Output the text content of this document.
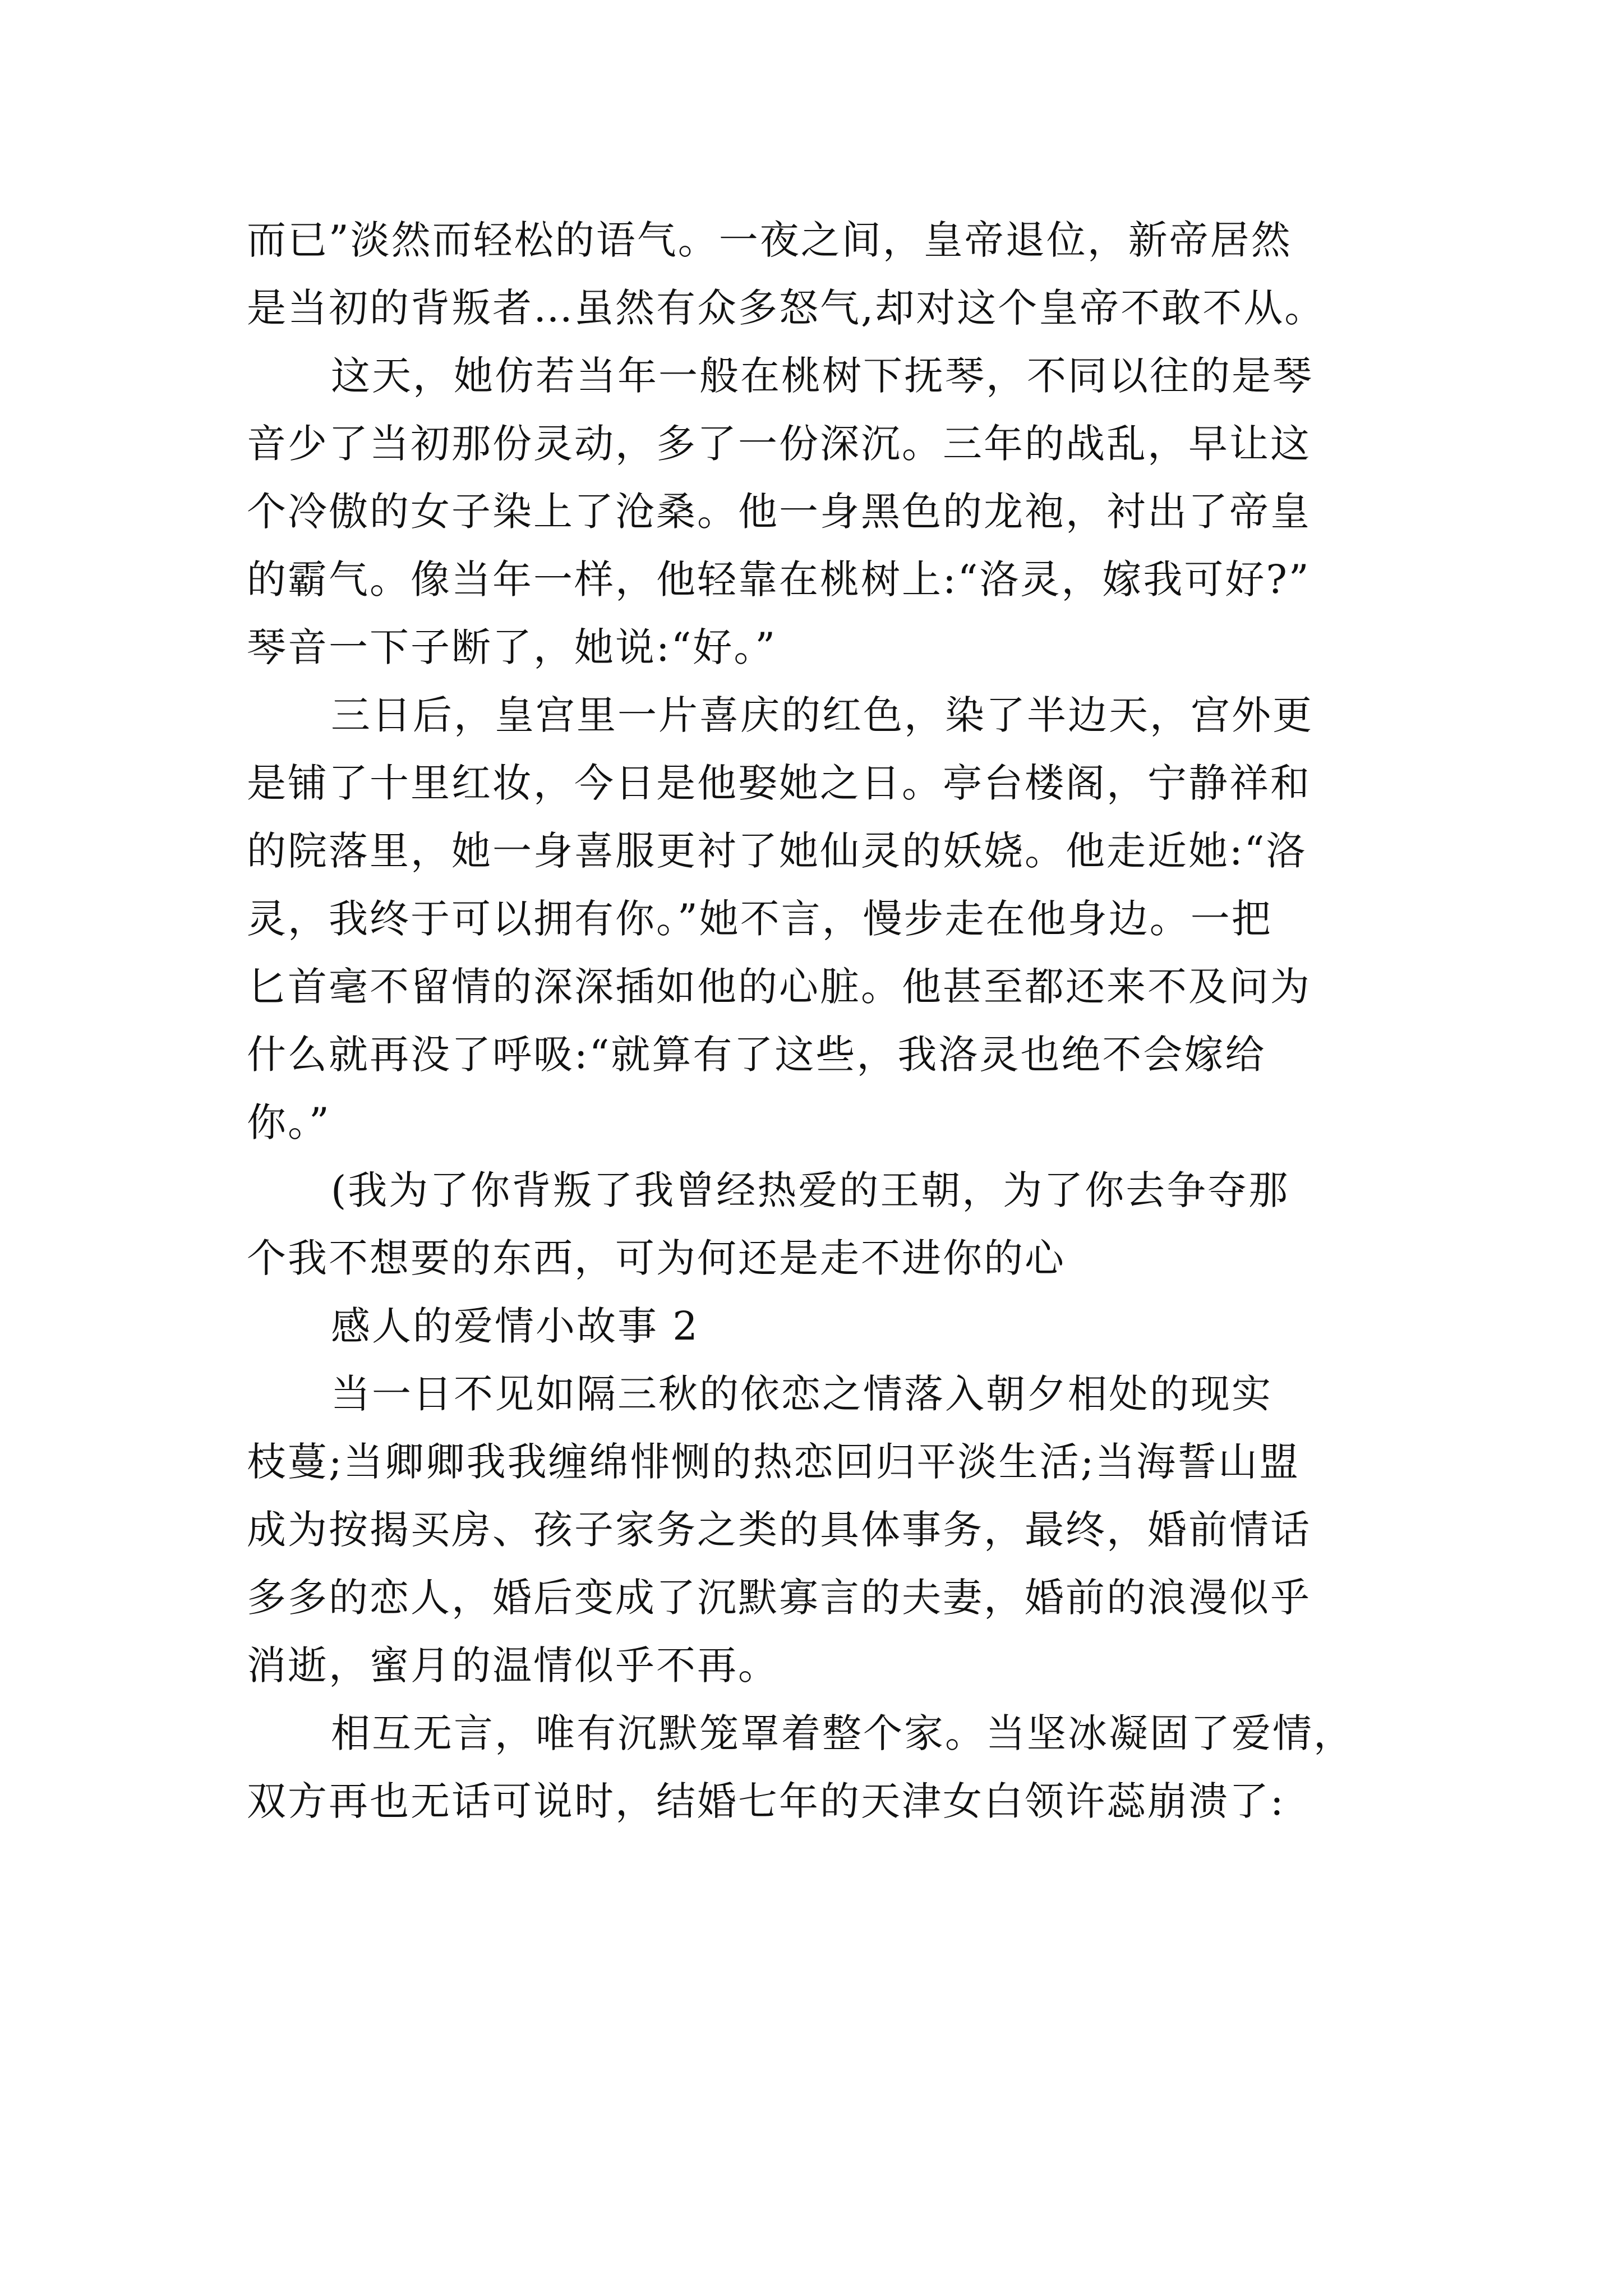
而已”淡然而轻松的语气。一夜之间，皇帝退位，新帝居然
是当初的背叛者…虽然有众多怒气,却对这个皇帝不敢不从。
这天，她仿若当年一般在桃树下抚琴，不同以往的是琴
音少了当初那份灵动，多了一份深沉。三年的战乱，早让这
个冷傲的女子染上了沧桑。他一身黑色的龙袍，衬出了帝皇
的霸气。像当年一样，他轻靠在桃树上:“洛灵，嫁我可好?”
琴音一下子断了，她说:“好。”
三日后，皇宫里一片喜庆的红色，染了半边天，宫外更
是铺了十里红妆，今日是他娶她之日。亭台楼阁，宁静祥和
的院落里，她一身喜服更衬了她仙灵的妖娆。他走近她:“洛
灵，我终于可以拥有你。”她不言，慢步走在他身边。一把
匕首毫不留情的深深插如他的心脏。他甚至都还来不及问为
什么就再没了呼吸:“就算有了这些，我洛灵也绝不会嫁给
你。”
(我为了你背叛了我曾经热爱的王朝，为了你去争夺那
个我不想要的东西，可为何还是走不进你的心
感人的爱情小故事 2
当一日不见如隔三秋的依恋之情落入朝夕相处的现实
枝蔓;当卿卿我我缠绵悱恻的热恋回归平淡生活;当海誓山盟
成为按揭买房、孩子家务之类的具体事务，最终，婚前情话
多多的恋人，婚后变成了沉默寡言的夫妻，婚前的浪漫似乎
消逝，蜜月的温情似乎不再。
相互无言，唯有沉默笼罩着整个家。当坚冰凝固了爱情，
双方再也无话可说时，结婚七年的天津女白领许蕊崩溃了:
